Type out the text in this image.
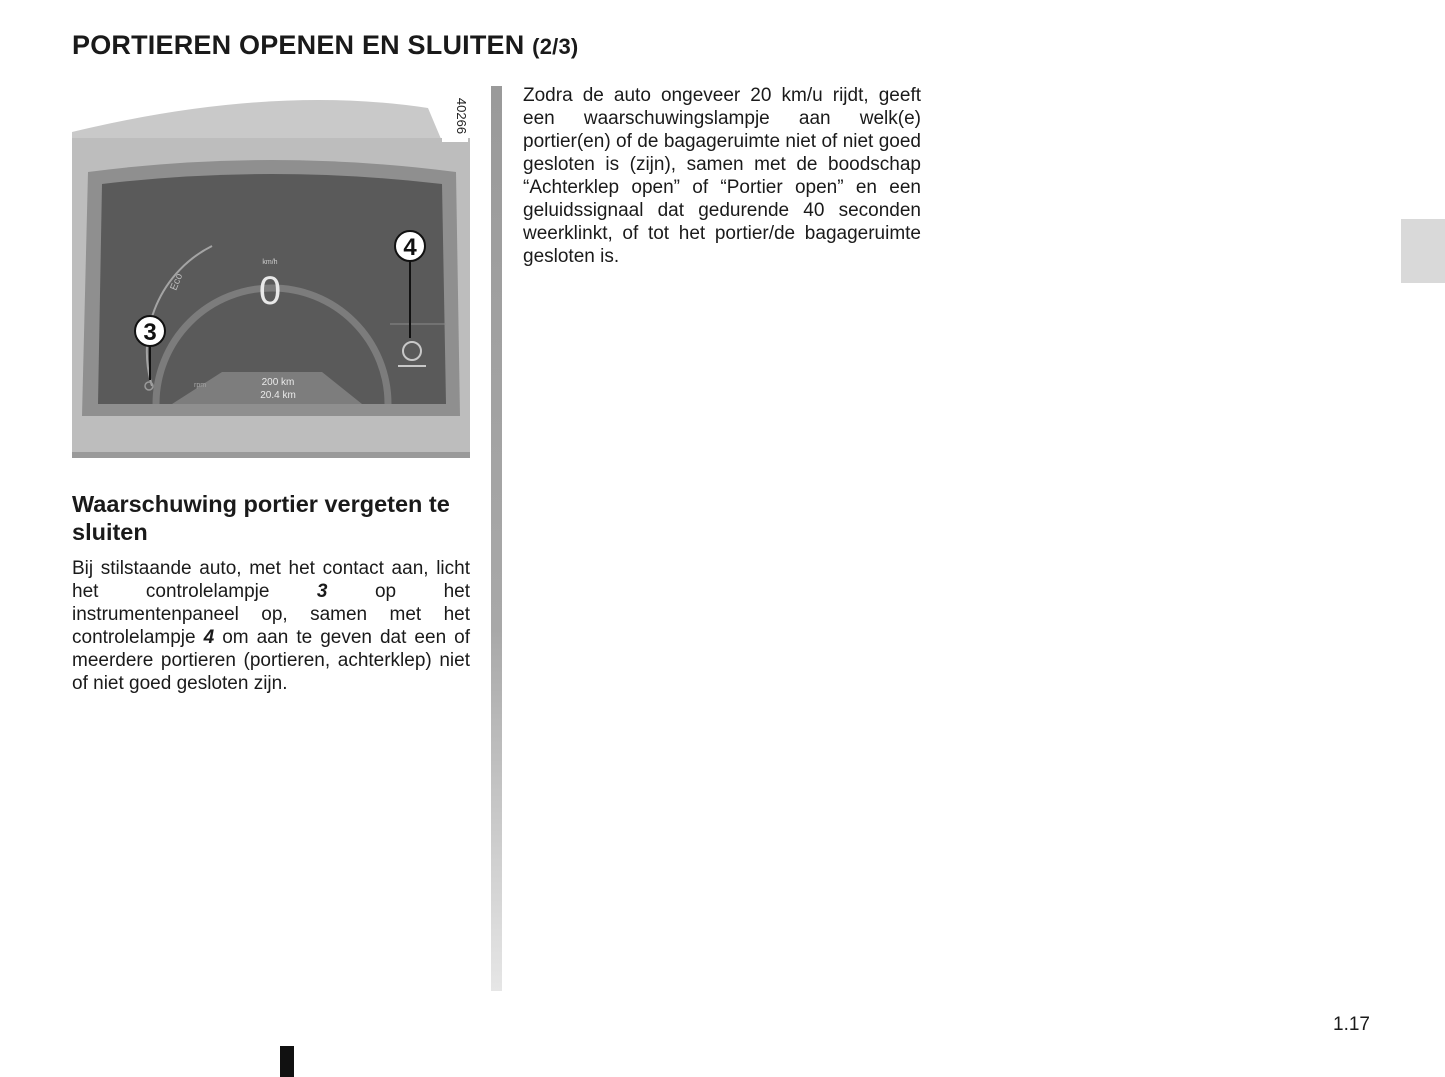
PORTIEREN OPENEN EN SLUITEN (2/3)
Eco
km/h
0
rpm	200 km
20.4 km
3
4
40266
Waarschuwing portier vergeten te sluiten

Bij stilstaande auto, met het contact aan, licht het controlelampje 3 op het instrumentenpaneel op, samen met het controlelampje 4 om aan te geven dat een of meerdere portieren (portieren, achterklep) niet of niet goed gesloten zijn.

Zodra de auto ongeveer 20 km/u rijdt, geeft een waarschuwingslampje aan welk(e) portier(en) of de bagageruimte niet of niet goed gesloten is (zijn), samen met de boodschap “Achterklep open” of “Portier open” en een geluidssignaal dat gedurende 40 seconden weerklinkt, of tot het portier/de bagageruimte gesloten is.

1.17
